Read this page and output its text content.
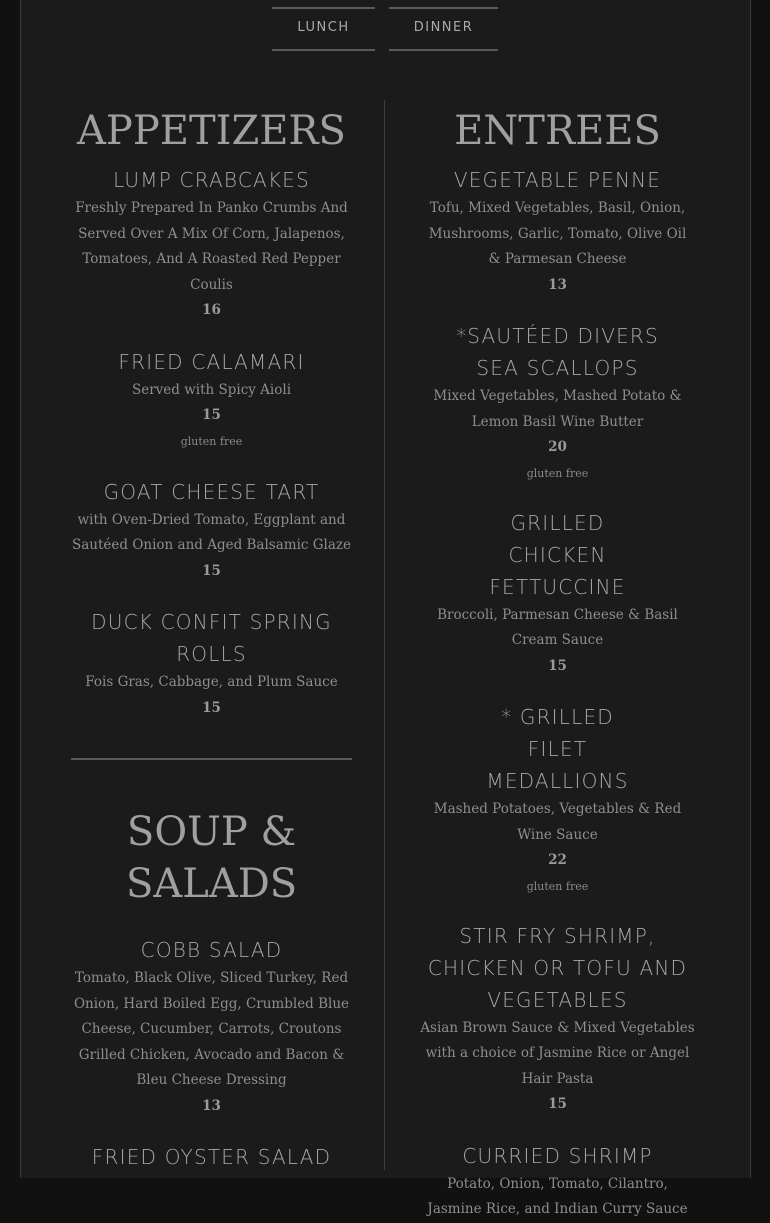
LUNCH	DINNER
APPETIZERS

LUMP CRABCAKES

Freshly Prepared In Panko Crumbs And Served Over A Mix Of Corn, Jalapenos, Tomatoes, And A Roasted Red Pepper Coulis

16

FRIED CALAMARI

Served with Spicy Aioli

15

gluten free

GOAT CHEESE TART

with Oven-Dried Tomato, Eggplant and Sautéed Onion and Aged Balsamic Glaze

15

DUCK CONFIT SPRING ROLLS

Fois Gras, Cabbage, and Plum Sauce

15

SOUP & SALADS

COBB SALAD

Tomato, Black Olive, Sliced Turkey, Red Onion, Hard Boiled Egg, Crumbled Blue Cheese, Cucumber, Carrots, Croutons Grilled Chicken, Avocado and Bacon & Bleu Cheese Dressing

13

FRIED OYSTER SALAD

ENTREES

VEGETABLE PENNE

Tofu, Mixed Vegetables, Basil, Onion, Mushrooms, Garlic, Tomato, Olive Oil & Parmesan Cheese

13

*SAUTÉED DIVERS SEA SCALLOPS

Mixed Vegetables, Mashed Potato & Lemon Basil Wine Butter

20

gluten free

GRILLED CHICKEN FETTUCCINE

Broccoli, Parmesan Cheese & Basil Cream Sauce

15

* GRILLED FILET MEDALLIONS

Mashed Potatoes, Vegetables & Red Wine Sauce

22

gluten free

STIR FRY SHRIMP, CHICKEN OR TOFU AND VEGETABLES

Asian Brown Sauce & Mixed Vegetables with a choice of Jasmine Rice or Angel Hair Pasta

15

CURRIED SHRIMP

Potato, Onion, Tomato, Cilantro, Jasmine Rice, and Indian Curry Sauce
